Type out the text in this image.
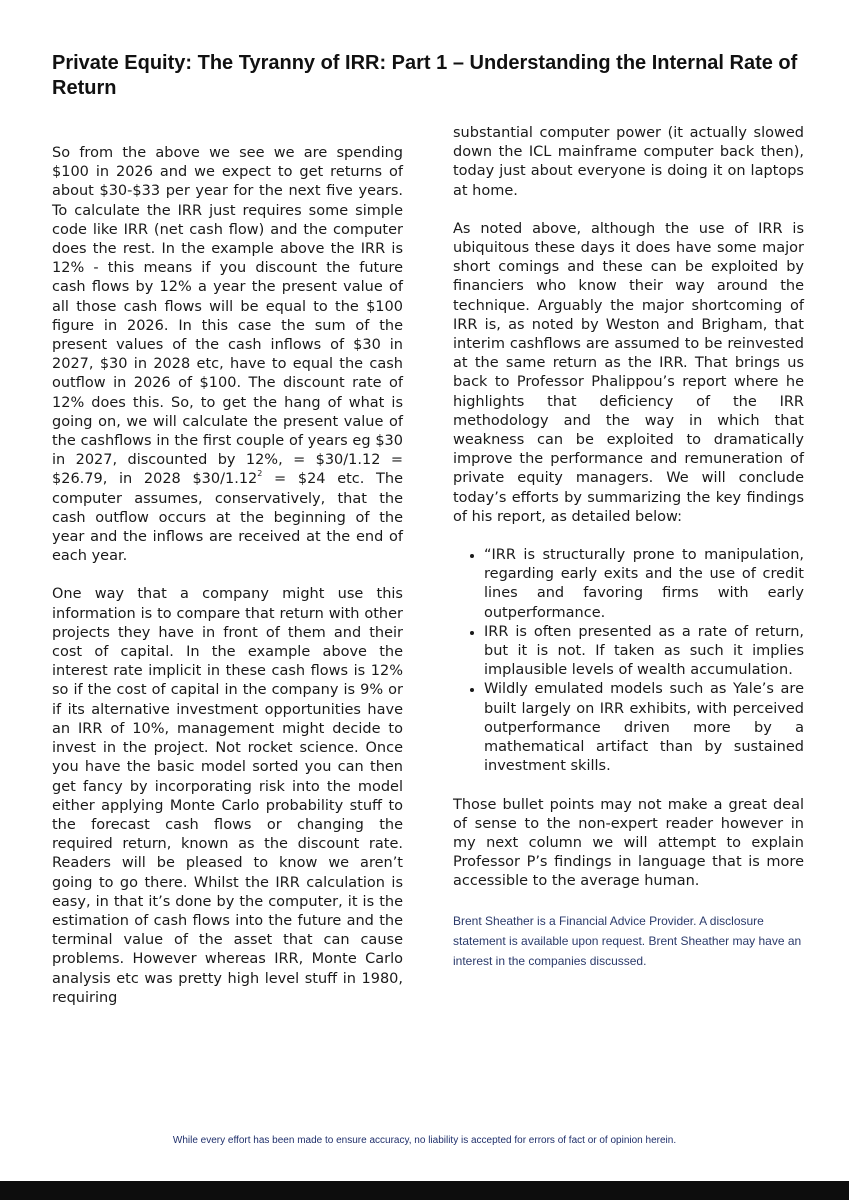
Private Equity: The Tyranny of IRR: Part 1 – Understanding the Internal Rate of Return

So from the above we see we are spending $100 in 2026 and we expect to get returns of about $30-$33 per year for the next five years. To calculate the IRR just requires some simple code like IRR (net cash flow) and the computer does the rest. In the example above the IRR is 12% - this means if you discount the future cash flows by 12% a year the present value of all those cash flows will be equal to the $100 figure in 2026. In this case the sum of the present values of the cash inflows of $30 in 2027, $30 in 2028 etc, have to equal the cash outflow in 2026 of $100. The discount rate of 12% does this. So, to get the hang of what is going on, we will calculate the present value of the cashflows in the first couple of years eg $30 in 2027, discounted by 12%, = $30/1.12 = $26.79, in 2028 $\$30/1.12^2$ = $24 etc. The computer assumes, conservatively, that the cash outflow occurs at the beginning of the year and the inflows are received at the end of each year.

One way that a company might use this information is to compare that return with other projects they have in front of them and their cost of capital. In the example above the interest rate implicit in these cash flows is 12% so if the cost of capital in the company is 9% or if its alternative investment opportunities have an IRR of 10%, management might decide to invest in the project. Not rocket science. Once you have the basic model sorted you can then get fancy by incorporating risk into the model either applying Monte Carlo probability stuff to the forecast cash flows or changing the required return, known as the discount rate. Readers will be pleased to know we aren’t going to go there. Whilst the IRR calculation is easy, in that it’s done by the computer, it is the estimation of cash flows into the future and the terminal value of the asset that can cause problems. However whereas IRR, Monte Carlo analysis etc was pretty high level stuff in 1980, requiring

substantial computer power (it actually slowed down the ICL mainframe computer back then), today just about everyone is doing it on laptops at home.

As noted above, although the use of IRR is ubiquitous these days it does have some major short comings and these can be exploited by financiers who know their way around the technique. Arguably the major shortcoming of IRR is, as noted by Weston and Brigham, that interim cashflows are assumed to be reinvested at the same return as the IRR. That brings us back to Professor Phalippou’s report where he highlights that deficiency of the IRR methodology and the way in which that weakness can be exploited to dramatically improve the performance and remuneration of private equity managers. We will conclude today’s efforts by summarizing the key findings of his report, as detailed below:

• “IRR is structurally prone to manipulation, regarding early exits and the use of credit lines and favoring firms with early outperformance.
• IRR is often presented as a rate of return, but it is not. If taken as such it implies implausible levels of wealth accumulation.
• Wildly emulated models such as Yale’s are built largely on IRR exhibits, with perceived outperformance driven more by a mathematical artifact than by sustained investment skills.

Those bullet points may not make a great deal of sense to the non-expert reader however in my next column we will attempt to explain Professor P’s findings in language that is more accessible to the average human.

Brent Sheather is a Financial Advice Provider. A disclosure statement is available upon request. Brent Sheather may have an interest in the companies discussed.

While every effort has been made to ensure accuracy, no liability is accepted for errors of fact or of opinion herein.
